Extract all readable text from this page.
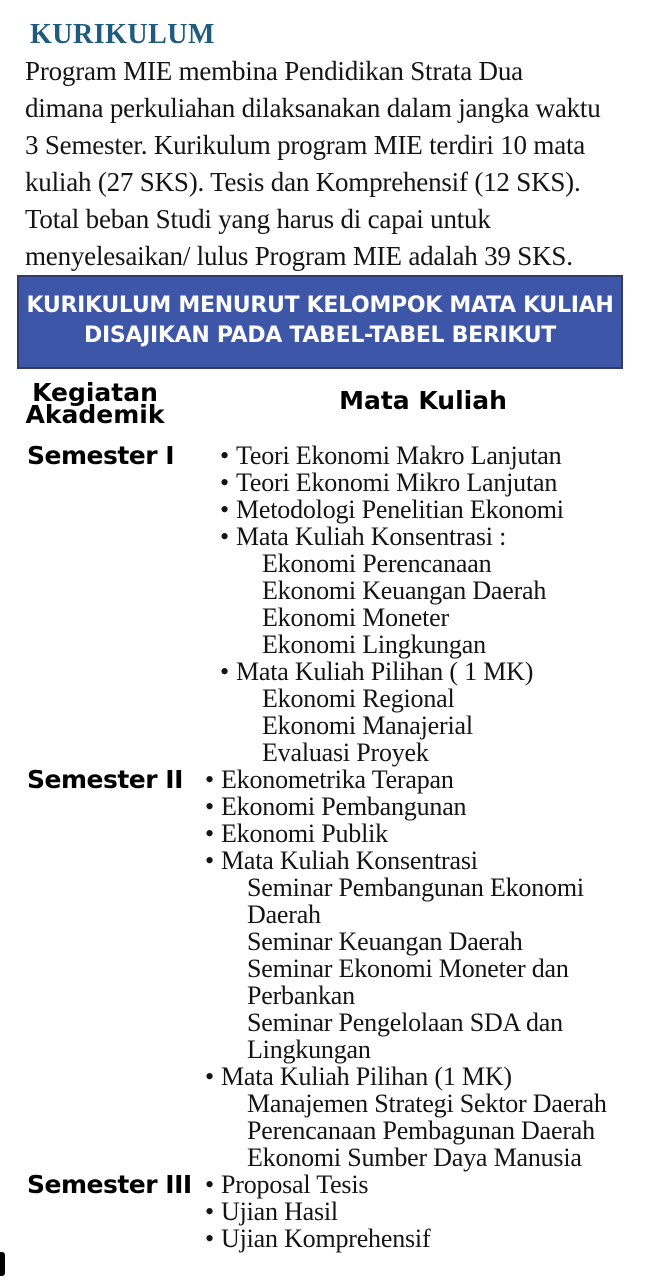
KURIKULUM
Program MIE membina Pendidikan Strata Dua
dimana perkuliahan dilaksanakan dalam jangka waktu
3 Semester. Kurikulum program MIE terdiri 10 mata
kuliah (27 SKS). Tesis dan Komprehensif (12 SKS).
Total beban Studi yang harus di capai untuk
menyelesaikan/ lulus Program MIE adalah 39 SKS.
KURIKULUM MENURUT KELOMPOK MATA KULIAH
DISAJIKAN PADA TABEL-TABEL BERIKUT
Kegiatan
Akademik	Mata Kuliah
Semester I	• Teori Ekonomi Makro Lanjutan
• Teori Ekonomi Mikro Lanjutan
• Metodologi Penelitian Ekonomi
• Mata Kuliah Konsentrasi :
Ekonomi Perencanaan
Ekonomi Keuangan Daerah
Ekonomi Moneter
Ekonomi Lingkungan
• Mata Kuliah Pilihan ( 1 MK)
Ekonomi Regional
Ekonomi Manajerial
Evaluasi Proyek
Semester II • Ekonometrika Terapan
• Ekonomi Pembangunan
• Ekonomi Publik
• Mata Kuliah Konsentrasi
Seminar Pembangunan Ekonomi Daerah
Seminar Keuangan Daerah
Seminar Ekonomi Moneter dan Perbankan
Seminar Pengelolaan SDA dan Lingkungan
• Mata Kuliah Pilihan (1 MK)
Manajemen Strategi Sektor Daerah
Perencanaan Pembagunan Daerah
Ekonomi Sumber Daya Manusia
Semester III • Proposal Tesis
• Ujian Hasil
• Ujian Komprehensif
